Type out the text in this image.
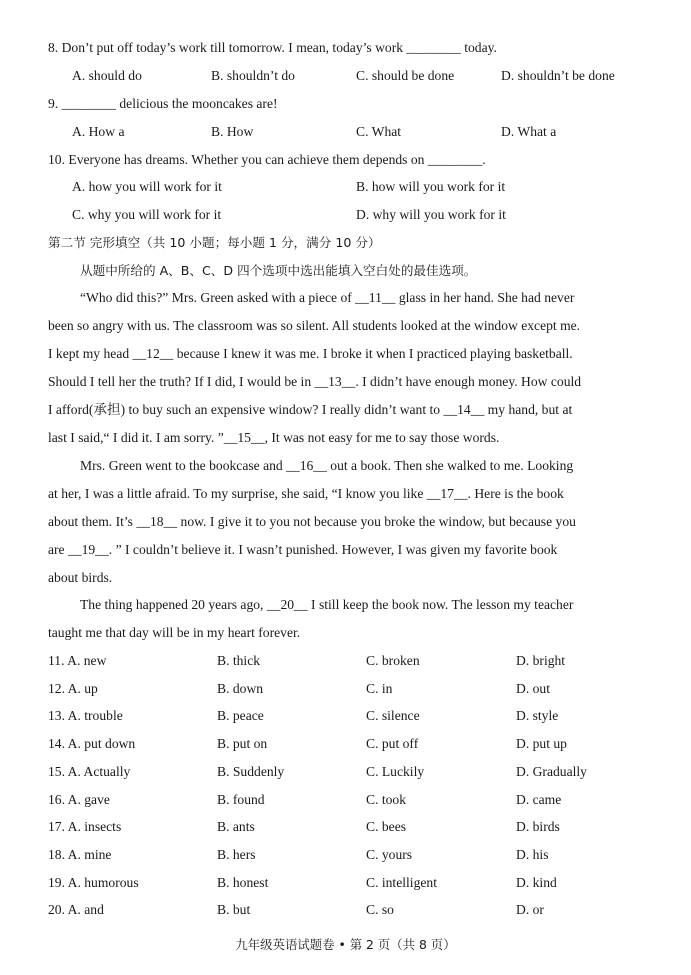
8. Don’t put off today’s work till tomorrow. I mean, today’s work ________ today.
A. should do	B. shouldn’t do	C. should be done	D. shouldn’t be done
9. ________ delicious the mooncakes are!
A. How a	B. How	C. What	D. What a
10. Everyone has dreams. Whether you can achieve them depends on ________.
A. how you will work for it	B. how will you work for it
C. why you will work for it	D. why will you work for it
第二节 完形填空（共 10 小题；每小题 1 分，满分 10 分）
从题中所给的 A、B、C、D 四个选项中选出能填入空白处的最佳选项。
“Who did this?” Mrs. Green asked with a piece of __11__ glass in her hand. She had never
been so angry with us. The classroom was so silent. All students looked at the window except me.
I kept my head __12__ because I knew it was me. I broke it when I practiced playing basketball.
Should I tell her the truth? If I did, I would be in __13__. I didn’t have enough money. How could
I afford(承担) to buy such an expensive window? I really didn’t want to __14__ my hand, but at
last I said,“ I did it. I am sorry. ”__15__, It was not easy for me to say those words.
Mrs. Green went to the bookcase and __16__ out a book. Then she walked to me. Looking
at her, I was a little afraid. To my surprise, she said, “I know you like __17__. Here is the book
about them. It’s __18__ now. I give it to you not because you broke the window, but because you
are __19__. ” I couldn’t believe it. I wasn’t punished. However, I was given my favorite book
about birds.
The thing happened 20 years ago, __20__ I still keep the book now. The lesson my teacher
taught me that day will be in my heart forever.
11. A. new	B. thick	C. broken	D. bright
12. A. up	B. down	C. in	D. out
13. A. trouble	B. peace	C. silence	D. style
14. A. put down	B. put on	C. put off	D. put up
15. A. Actually	B. Suddenly	C. Luckily	D. Gradually
16. A. gave	B. found	C. took	D. came
17. A. insects	B. ants	C. bees	D. birds
18. A. mine	B. hers	C. yours	D. his
19. A. humorous	B. honest	C. intelligent	D. kind
20. A. and	B. but	C. so	D. or
九年级英语试题卷 • 第 2 页（共 8 页）
